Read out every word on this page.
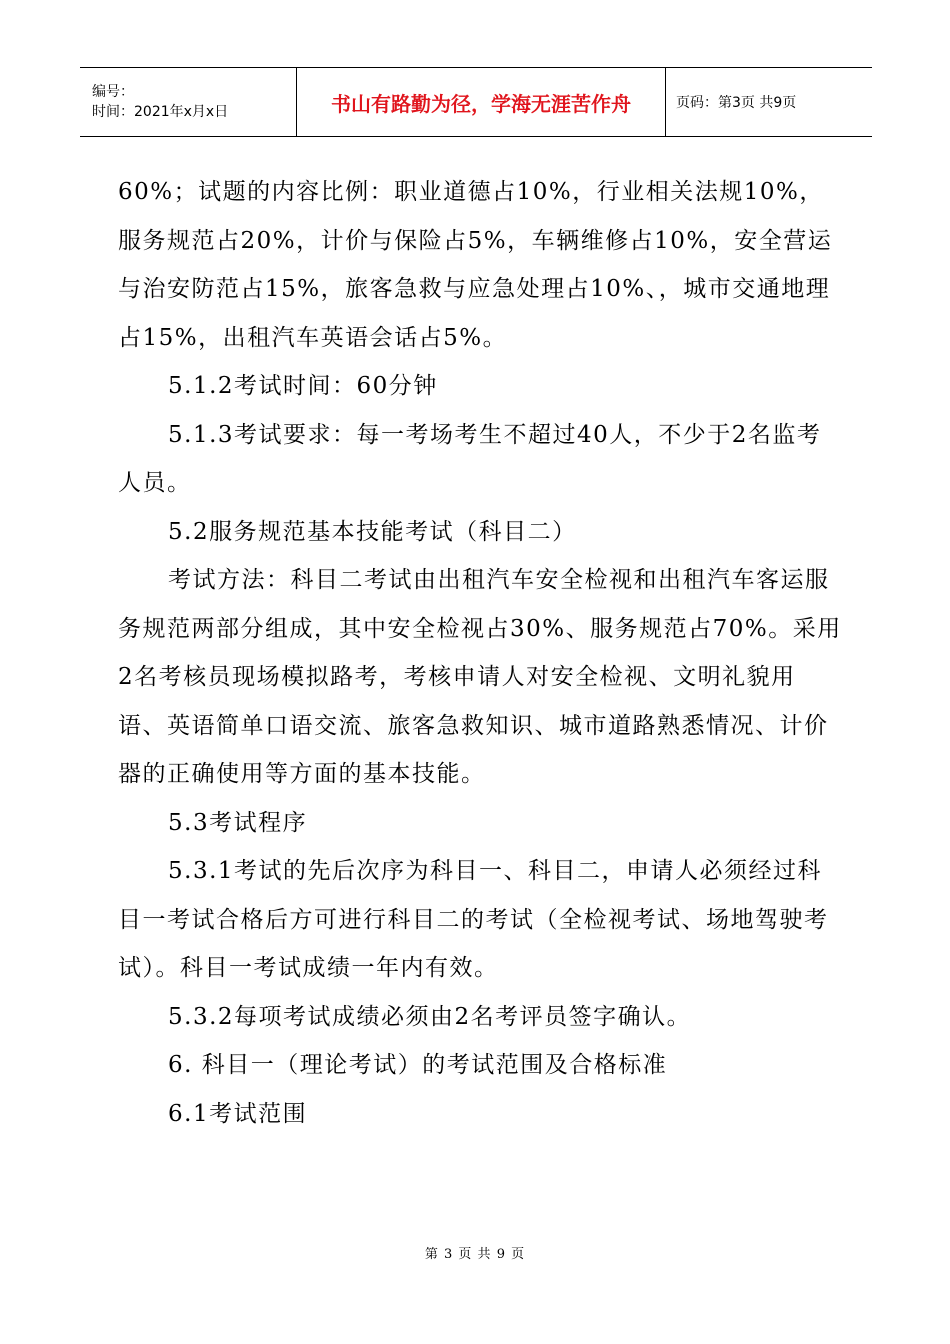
编号：
时间：2021年x月x日	书山有路勤为径，学海无涯苦作舟	页码：第3页 共9页

60%；试题的内容比例：职业道德占10%，行业相关法规10%，服务规范占20%，计价与保险占5%，车辆维修占10%，安全营运与治安防范占15%，旅客急救与应急处理占10%、，城市交通地理占15%，出租汽车英语会话占5%。

5.1.2考试时间：60分钟

5.1.3考试要求：每一考场考生不超过40人，不少于2名监考人员。

5.2服务规范基本技能考试（科目二）

考试方法：科目二考试由出租汽车安全检视和出租汽车客运服务规范两部分组成，其中安全检视占30%、服务规范占70%。采用2名考核员现场模拟路考，考核申请人对安全检视、文明礼貌用语、英语简单口语交流、旅客急救知识、城市道路熟悉情况、计价器的正确使用等方面的基本技能。

5.3考试程序

5.3.1考试的先后次序为科目一、科目二，申请人必须经过科目一考试合格后方可进行科目二的考试（全检视考试、场地驾驶考试）。科目一考试成绩一年内有效。

5.3.2每项考试成绩必须由2名考评员签字确认。

6. 科目一（理论考试）的考试范围及合格标准

6.1考试范围

第 3 页 共 9 页
